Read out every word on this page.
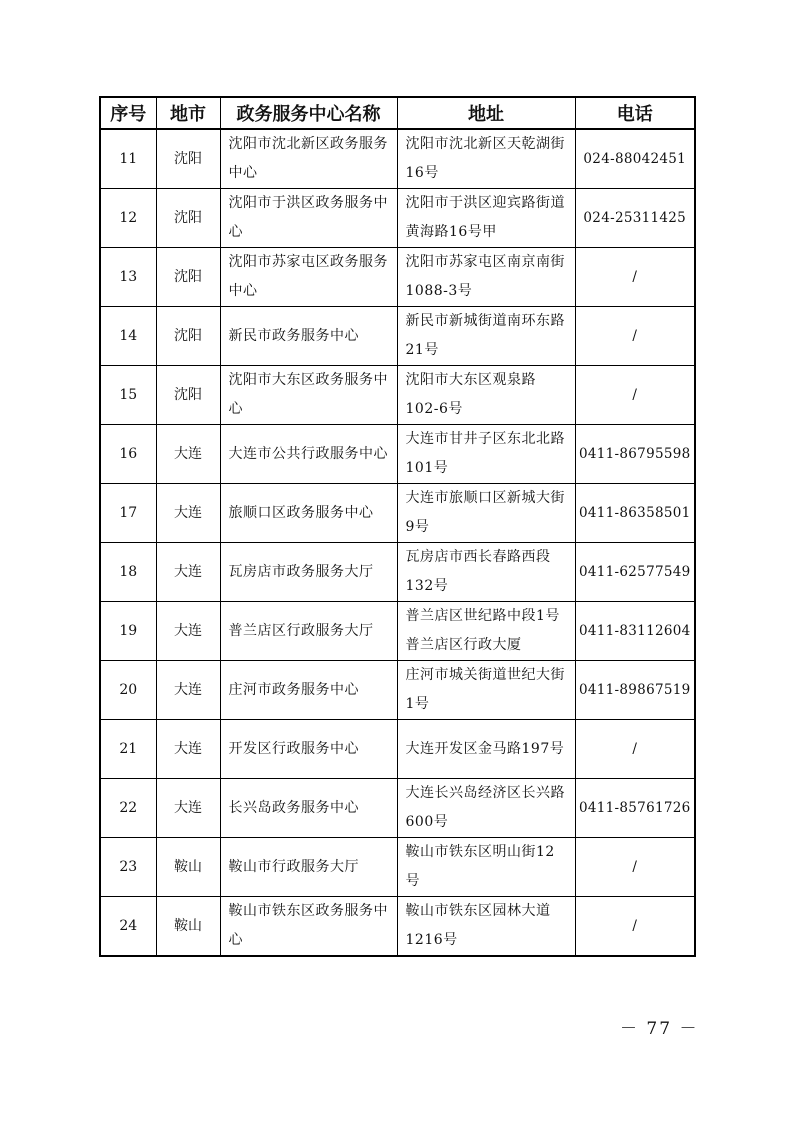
序号	地市	政务服务中心名称	地址	电话
11	沈阳	沈阳市沈北新区政务服务中心	沈阳市沈北新区天乾湖街16号	024-88042451
12	沈阳	沈阳市于洪区政务服务中心	沈阳市于洪区迎宾路街道黄海路16号甲	024-25311425
13	沈阳	沈阳市苏家屯区政务服务中心	沈阳市苏家屯区南京南街1088-3号	/
14	沈阳	新民市政务服务中心	新民市新城街道南环东路21号	/
15	沈阳	沈阳市大东区政务服务中心	沈阳市大东区观泉路102-6号	/
16	大连	大连市公共行政服务中心	大连市甘井子区东北北路101号	0411-86795598
17	大连	旅顺口区政务服务中心	大连市旅顺口区新城大街9号	0411-86358501
18	大连	瓦房店市政务服务大厅	瓦房店市西长春路西段132号	0411-62577549
19	大连	普兰店区行政服务大厅	普兰店区世纪路中段1号普兰店区行政大厦	0411-83112604
20	大连	庄河市政务服务中心	庄河市城关街道世纪大街1号	0411-89867519
21	大连	开发区行政服务中心	大连开发区金马路197号	/
22	大连	长兴岛政务服务中心	大连长兴岛经济区长兴路600号	0411-85761726
23	鞍山	鞍山市行政服务大厅	鞍山市铁东区明山街12号	/
24	鞍山	鞍山市铁东区政务服务中心	鞍山市铁东区园林大道1216号	/
－ 77 －
